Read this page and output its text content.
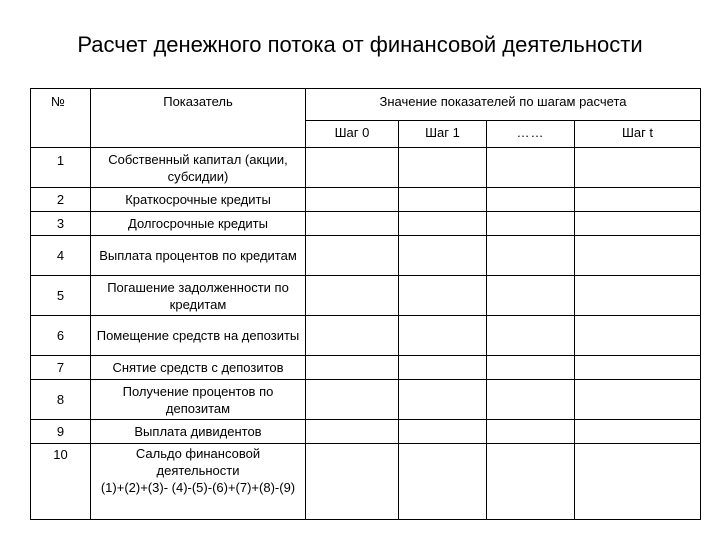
Расчет денежного потока от финансовой деятельности
№	Показатель	Значение показателей по шагам расчета			
		Шаг 0	Шаг 1	……	Шаг t
1	Собственный капитал (акции, субсидии)				
2	Краткосрочные кредиты				
3	Долгосрочные кредиты				
4	Выплата процентов по кредитам				
5	Погашение задолженности по кредитам				
6	Помещение средств на депозиты				
7	Снятие средств с депозитов				
8	Получение процентов по депозитам				
9	Выплата дивидентов				
10	Сальдо финансовой деятельности
(1)+(2)+(3)- (4)-(5)-(6)+(7)+(8)-(9)				
